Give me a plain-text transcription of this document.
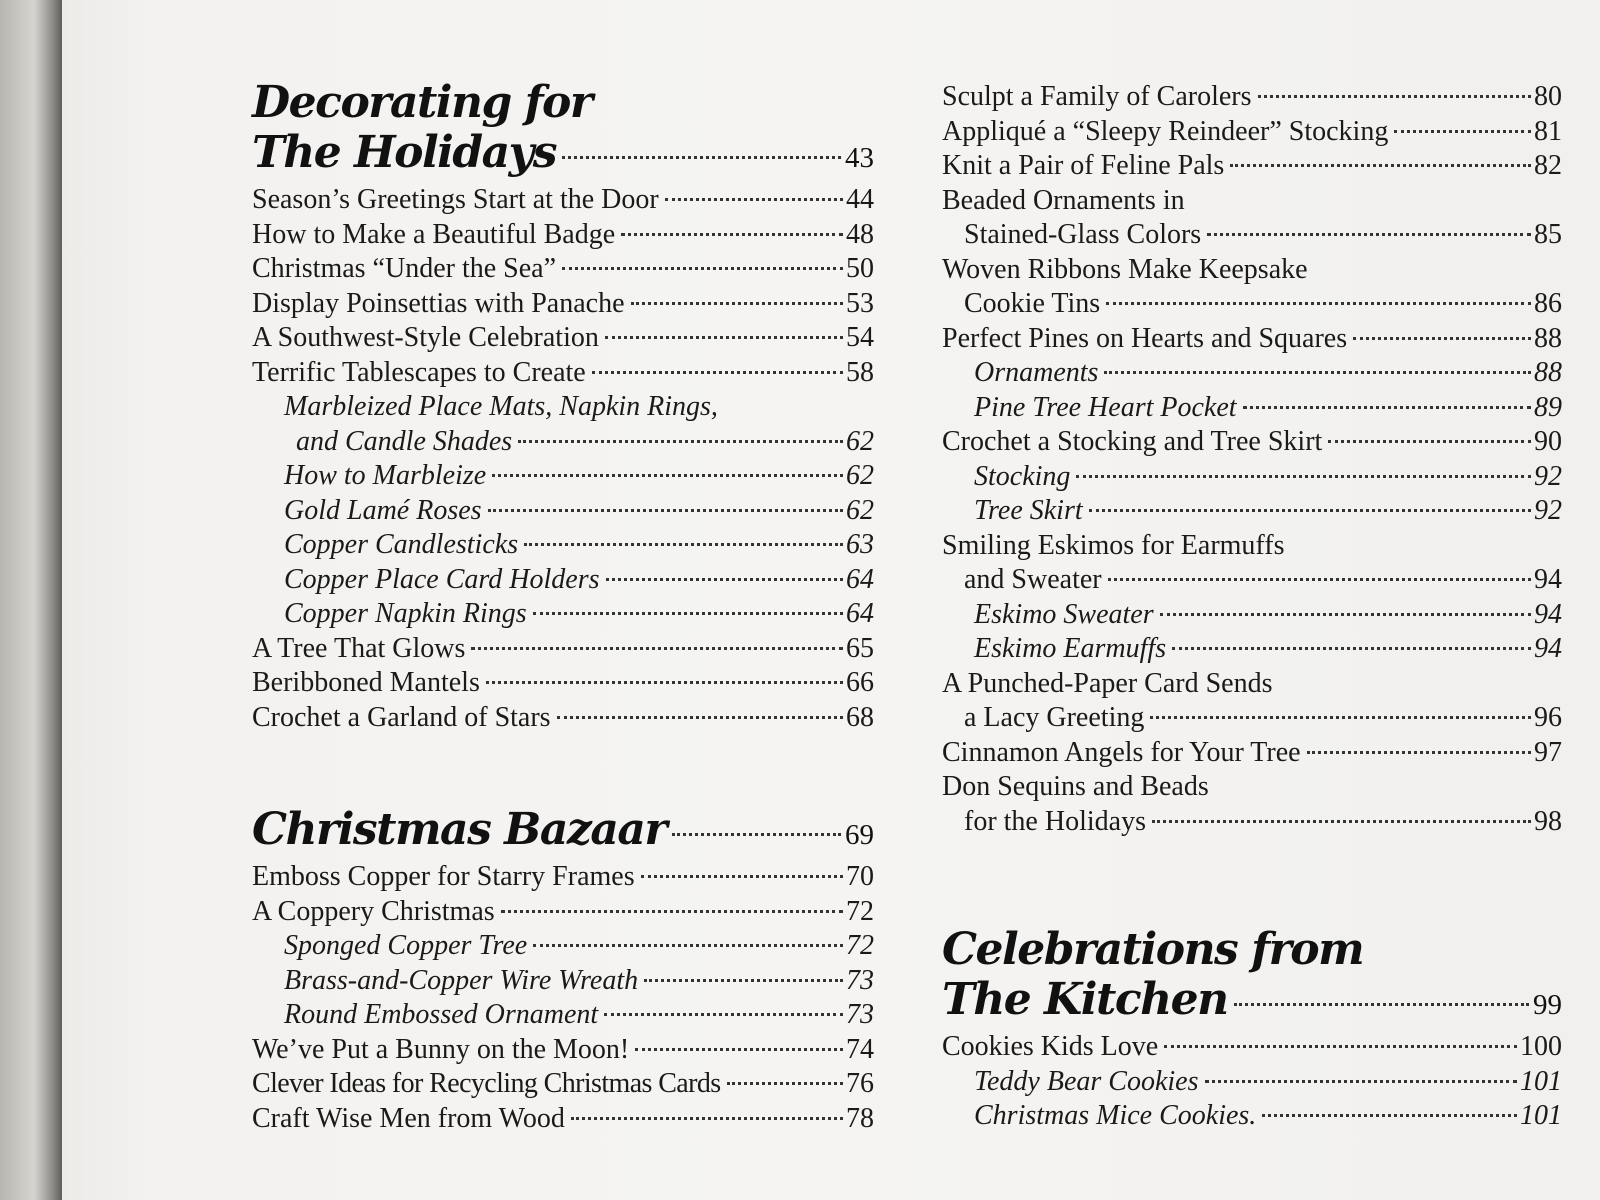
Decorating for
The Holidays	43
Season’s Greetings Start at the Door	44
How to Make a Beautiful Badge	48
Christmas “Under the Sea”	50
Display Poinsettias with Panache	53
A Southwest-Style Celebration	54
Terrific Tablescapes to Create	58
Marbleized Place Mats, Napkin Rings,
and Candle Shades	62
How to Marbleize	62
Gold Lamé Roses	62
Copper Candlesticks	63
Copper Place Card Holders	64
Copper Napkin Rings	64
A Tree That Glows	65
Beribboned Mantels	66
Crochet a Garland of Stars	68
Christmas Bazaar	69
Emboss Copper for Starry Frames	70
A Coppery Christmas	72
Sponged Copper Tree	72
Brass-and-Copper Wire Wreath	73
Round Embossed Ornament	73
We’ve Put a Bunny on the Moon!	74
Clever Ideas for Recycling Christmas Cards	76
Craft Wise Men from Wood	78
Sculpt a Family of Carolers	80
Appliqué a “Sleepy Reindeer” Stocking	81
Knit a Pair of Feline Pals	82
Beaded Ornaments in
Stained-Glass Colors	85
Woven Ribbons Make Keepsake
Cookie Tins	86
Perfect Pines on Hearts and Squares	88
Ornaments	88
Pine Tree Heart Pocket	89
Crochet a Stocking and Tree Skirt	90
Stocking	92
Tree Skirt	92
Smiling Eskimos for Earmuffs
and Sweater	94
Eskimo Sweater	94
Eskimo Earmuffs	94
A Punched-Paper Card Sends
a Lacy Greeting	96
Cinnamon Angels for Your Tree	97
Don Sequins and Beads
for the Holidays	98
Celebrations from
The Kitchen	99
Cookies Kids Love	100
Teddy Bear Cookies	101
Christmas Mice Cookies.	101
